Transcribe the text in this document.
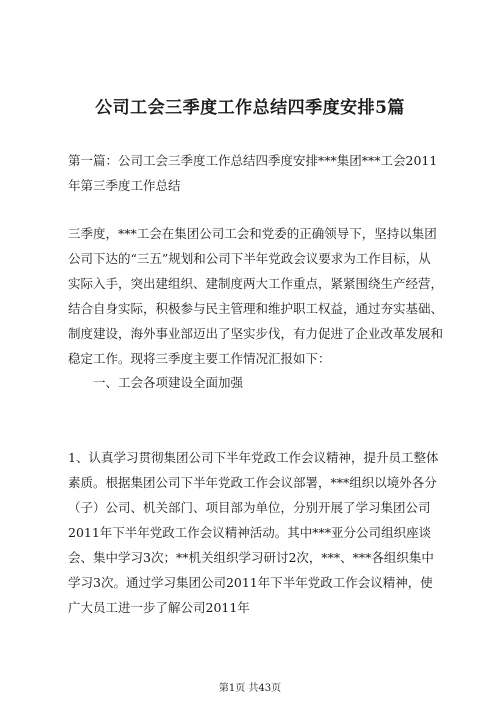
公司工会三季度工作总结四季度安排5篇
第一篇：公司工会三季度工作总结四季度安排***集团***工会2011年第三季度工作总结
三季度，***工会在集团公司工会和党委的正确领导下，坚持以集团公司下达的“三五”规划和公司下半年党政会议要求为工作目标，从实际入手，突出建组织、建制度两大工作重点，紧紧围绕生产经营，结合自身实际，积极参与民主管理和维护职工权益，通过夯实基础、制度建设，海外事业部迈出了坚实步伐，有力促进了企业改革发展和稳定工作。现将三季度主要工作情况汇报如下：
一、工会各项建设全面加强
1、认真学习贯彻集团公司下半年党政工作会议精神，提升员工整体素质。根据集团公司下半年党政工作会议部署，***组织以境外各分（子）公司、机关部门、项目部为单位，分别开展了学习集团公司2011年下半年党政工作会议精神活动。其中***亚分公司组织座谈会、集中学习3次；**机关组织学习研讨2次，***、***各组织集中学习3次。通过学习集团公司2011年下半年党政工作会议精神，使广大员工进一步了解公司2011年
第1页 共43页
